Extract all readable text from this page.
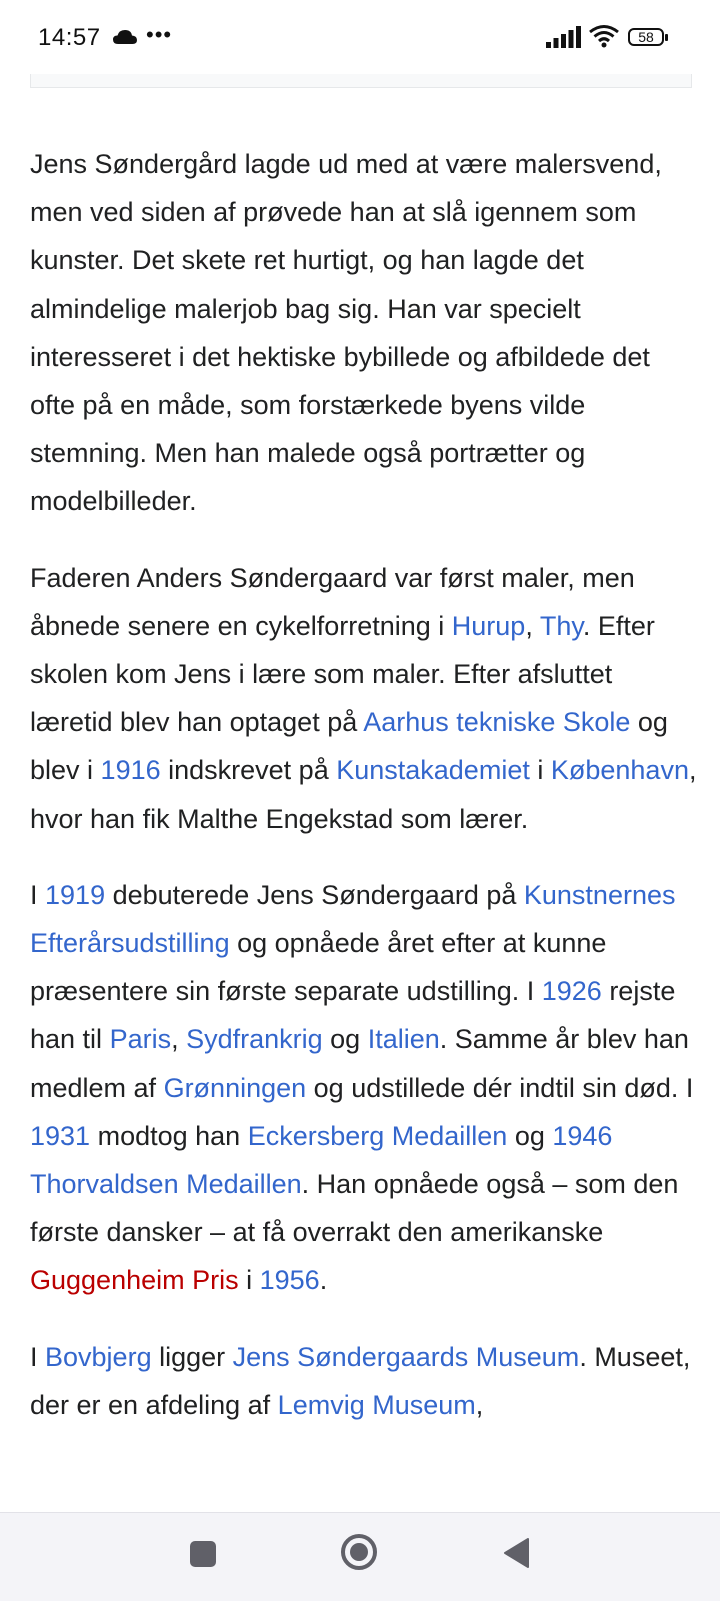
14:57 •••	58

Jens Søndergård lagde ud med at være malersvend, men ved siden af prøvede han at slå igennem som kunster. Det skete ret hurtigt, og han lagde det almindelige malerjob bag sig. Han var specielt interesseret i det hektiske bybillede og afbildede det ofte på en måde, som forstærkede byens vilde stemning. Men han malede også portrætter og modelbilleder.

Faderen Anders Søndergaard var først maler, men åbnede senere en cykelforretning i Hurup, Thy. Efter skolen kom Jens i lære som maler. Efter afsluttet læretid blev han optaget på Aarhus tekniske Skole og blev i 1916 indskrevet på Kunstakademiet i København, hvor han fik Malthe Engekstad som lærer.

I 1919 debuterede Jens Søndergaard på Kunstnernes Efterårsudstilling og opnåede året efter at kunne præsentere sin første separate udstilling. I 1926 rejste han til Paris, Sydfrankrig og Italien. Samme år blev han medlem af Grønningen og udstillede dér indtil sin død. I 1931 modtog han Eckersberg Medaillen og 1946 Thorvaldsen Medaillen. Han opnåede også – som den første dansker – at få overrakt den amerikanske Guggenheim Pris i 1956.

I Bovbjerg ligger Jens Søndergaards Museum. Museet, der er en afdeling af Lemvig Museum,
